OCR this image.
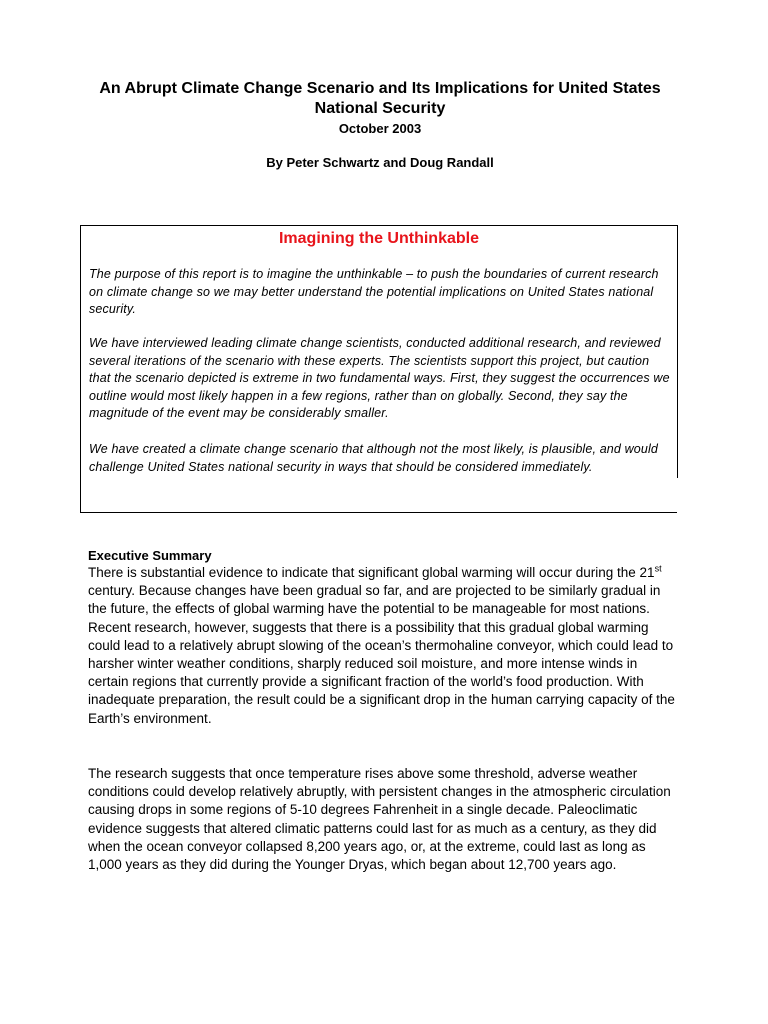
An Abrupt Climate Change Scenario and Its Implications for United States National Security
October 2003
By Peter Schwartz and Doug Randall
Imagining the Unthinkable

The purpose of this report is to imagine the unthinkable – to push the boundaries of current research on climate change so we may better understand the potential implications on United States national security.

We have interviewed leading climate change scientists, conducted additional research, and reviewed several iterations of the scenario with these experts. The scientists support this project, but caution that the scenario depicted is extreme in two fundamental ways. First, they suggest the occurrences we outline would most likely happen in a few regions, rather than on globally. Second, they say the magnitude of the event may be considerably smaller.

We have created a climate change scenario that although not the most likely, is plausible, and would challenge United States national security in ways that should be considered immediately.

Executive Summary

There is substantial evidence to indicate that significant global warming will occur during the 21st century. Because changes have been gradual so far, and are projected to be similarly gradual in the future, the effects of global warming have the potential to be manageable for most nations. Recent research, however, suggests that there is a possibility that this gradual global warming could lead to a relatively abrupt slowing of the ocean’s thermohaline conveyor, which could lead to harsher winter weather conditions, sharply reduced soil moisture, and more intense winds in certain regions that currently provide a significant fraction of the world’s food production. With inadequate preparation, the result could be a significant drop in the human carrying capacity of the Earth’s environment.

The research suggests that once temperature rises above some threshold, adverse weather conditions could develop relatively abruptly, with persistent changes in the atmospheric circulation causing drops in some regions of 5-10 degrees Fahrenheit in a single decade. Paleoclimatic evidence suggests that altered climatic patterns could last for as much as a century, as they did when the ocean conveyor collapsed 8,200 years ago, or, at the extreme, could last as long as 1,000 years as they did during the Younger Dryas, which began about 12,700 years ago.
